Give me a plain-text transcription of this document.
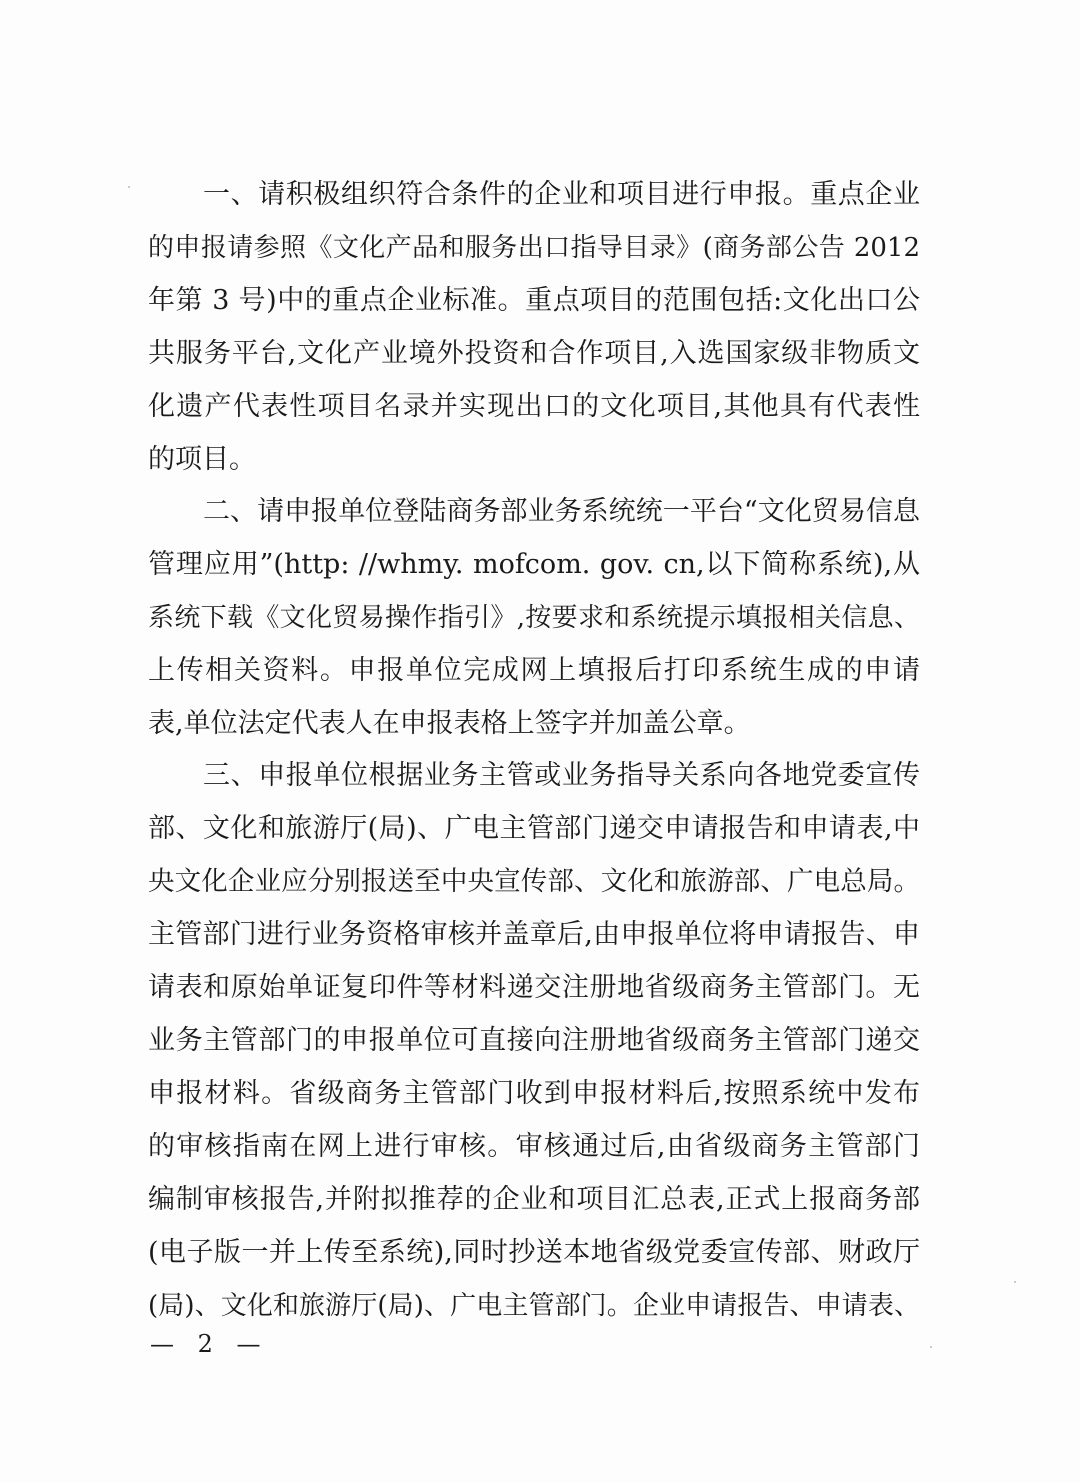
一、请积极组织符合条件的企业和项目进行申报。重点企业
的申报请参照《文化产品和服务出口指导目录》(商务部公告 2012
年第 3 号)中的重点企业标准。重点项目的范围包括:文化出口公
共服务平台,文化产业境外投资和合作项目,入选国家级非物质文
化遗产代表性项目名录并实现出口的文化项目,其他具有代表性
的项目。
二、请申报单位登陆商务部业务系统统一平台“文化贸易信息
管理应用”(http: //whmy. mofcom. gov. cn,以下简称系统),从
系统下载《文化贸易操作指引》,按要求和系统提示填报相关信息、
上传相关资料。申报单位完成网上填报后打印系统生成的申请
表,单位法定代表人在申报表格上签字并加盖公章。
三、申报单位根据业务主管或业务指导关系向各地党委宣传
部、文化和旅游厅(局)、广电主管部门递交申请报告和申请表,中
央文化企业应分别报送至中央宣传部、文化和旅游部、广电总局。
主管部门进行业务资格审核并盖章后,由申报单位将申请报告、申
请表和原始单证复印件等材料递交注册地省级商务主管部门。无
业务主管部门的申报单位可直接向注册地省级商务主管部门递交
申报材料。省级商务主管部门收到申报材料后,按照系统中发布
的审核指南在网上进行审核。审核通过后,由省级商务主管部门
编制审核报告,并附拟推荐的企业和项目汇总表,正式上报商务部
(电子版一并上传至系统),同时抄送本地省级党委宣传部、财政厅
(局)、文化和旅游厅(局)、广电主管部门。企业申请报告、申请表、
— 2 —
